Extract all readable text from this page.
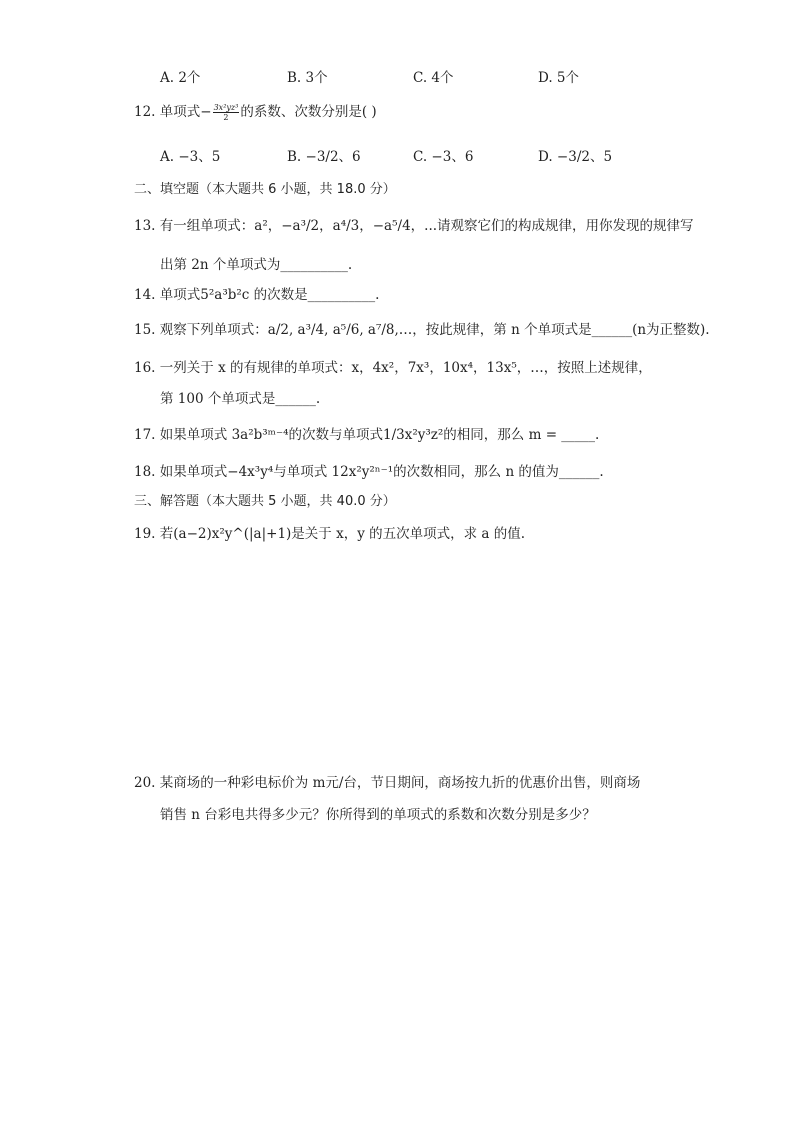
A. 2个	B. 3个	C. 4个	D. 5个
12. 单项式− $\frac{\text{3x²yz³}}{2}$ 的系数、次数分别是( )
A. −3、5	B. −3/2、6	C. −3、6	D. −3/2、5
二、填空题（本大题共 6 小题，共 18.0 分）
13. 有一组单项式：a²，−a³/2，a⁴/3，−a⁵/4，...请观察它们的构成规律，用你发现的规律写
出第 2n 个单项式为__________.
14. 单项式5²a³b²c 的次数是__________.
15. 观察下列单项式：a/2, a³/4, a⁵/6, a⁷/8,…，按此规律，第 n 个单项式是______(n为正整数).
16. 一列关于 x 的有规律的单项式：x，4x²，7x³，10x⁴，13x⁵，…，按照上述规律，
第 100 个单项式是______.
17. 如果单项式 3a²b³ᵐ⁻⁴的次数与单项式1/3x²y³z²的相同，那么 m = _____.
18. 如果单项式−4x³y⁴与单项式 12x²y²ⁿ⁻¹的次数相同，那么 n 的值为______.
三、解答题（本大题共 5 小题，共 40.0 分）
19. 若(a−2)x²y^(|a|+1)是关于 x，y 的五次单项式，求 a 的值.
20. 某商场的一种彩电标价为 m元/台，节日期间，商场按九折的优惠价出售，则商场
销售 n 台彩电共得多少元？你所得到的单项式的系数和次数分别是多少？
